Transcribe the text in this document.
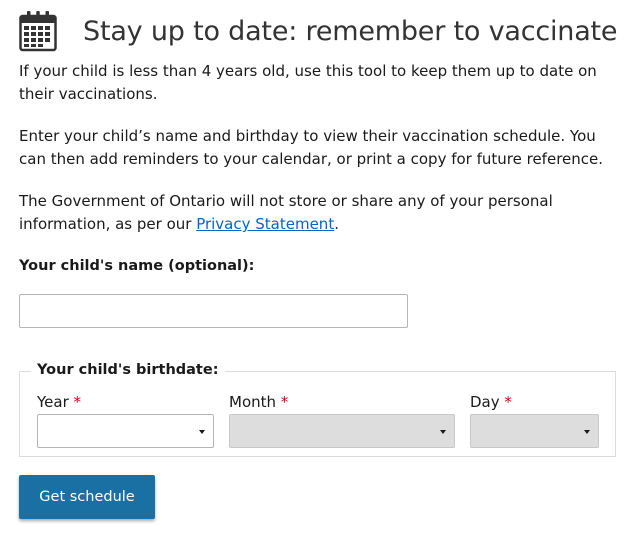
Stay up to date: remember to vaccinate

If your child is less than 4 years old, use this tool to keep them up to date on their vaccinations.

Enter your child’s name and birthday to view their vaccination schedule. You can then add reminders to your calendar, or print a copy for future reference.

The Government of Ontario will not store or share any of your personal information, as per our Privacy Statement.

Your child's name (optional):
Your child's birthdate:
Year *	Month *	Day *
Get schedule
